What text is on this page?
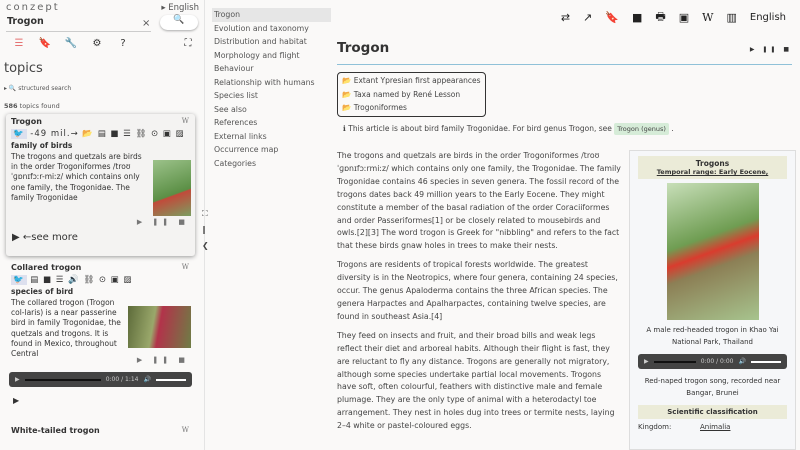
conzept	▸ English
Trogon	×	🔍
☰	🔖	🔧	⚙	?	⛶
topics
▸ 🔍 structured search
586 topics found
Trogon	W
🐦 -49 mil.→ 📂 ▤ ■ ☰ ⛓ ⊙ ▣ ▨
family of birds
The trogons and quetzals are birds in the order Trogoniformes /troʊˈɡɒnɪfɔːr-miːz/ which contains only one family, the Trogonidae. The family Trogonidae
▶ ❚❚ ■
▶ ←see more
Collared trogon	W
🐦 ▤ ■ ☰ 🔊 ⛓ ⊙ ▣ ▨
species of bird
The collared trogon (Trogon col-laris) is a near passerine bird in family Trogonidae, the quetzals and trogons. It is found in Mexico, throughout Central
▶ ❚❚ ■
▶	0:00 / 1:14 🔊
▶
White-tailed trogon	W
⛶
‖
❮
Trogon
Evolution and taxonomy
Distribution and habitat
Morphology and flight
Behaviour
Relationship with humans
Species list
See also
References
External links
Occurrence map
Categories
⇄ ↗ 🔖 ■ 🖶 ▣ W ▥ English
Trogon	▶ ❚❚ ■
📂 Extant Ypresian first appearances
📂 Taxa named by René Lesson
📂 Trogoniformes
ℹ This article is about bird family Trogonidae. For bird genus Trogon, see Trogon (genus) .

The trogons and quetzals are birds in the order Trogoniformes /troʊˈɡɒnɪfɔːrmiːz/ which contains only one family, the Trogonidae. The family Trogonidae contains 46 species in seven genera. The fossil record of the trogons dates back 49 million years to the Early Eocene. They might constitute a member of the basal radiation of the order Coraciiformes and order Passeriformes[1] or be closely related to mousebirds and owls.[2][3] The word trogon is Greek for "nibbling" and refers to the fact that these birds gnaw holes in trees to make their nests.

Trogons are residents of tropical forests worldwide. The greatest diversity is in the Neotropics, where four genera, containing 24 species, occur. The genus Apaloderma contains the three African species. The genera Harpactes and Apalharpactes, containing twelve species, are found in southeast Asia.[4]

They feed on insects and fruit, and their broad bills and weak legs reflect their diet and arboreal habits. Although their flight is fast, they are reluctant to fly any distance. Trogons are generally not migratory, although some species undertake partial local movements. Trogons have soft, often colourful, feathers with distinctive male and female plumage. They are the only type of animal with a heterodactyl toe arrangement. They nest in holes dug into trees or termite nests, laying 2–4 white or pastel-coloured eggs.

Trogons
Temporal range: Early Eocene,
A male red-headed trogon in Khao Yai National Park, Thailand
▶	0:00 / 0:00 🔊
Red-naped trogon song, recorded near Bangar, Brunei
Scientific classification
Kingdom:	Animalia
